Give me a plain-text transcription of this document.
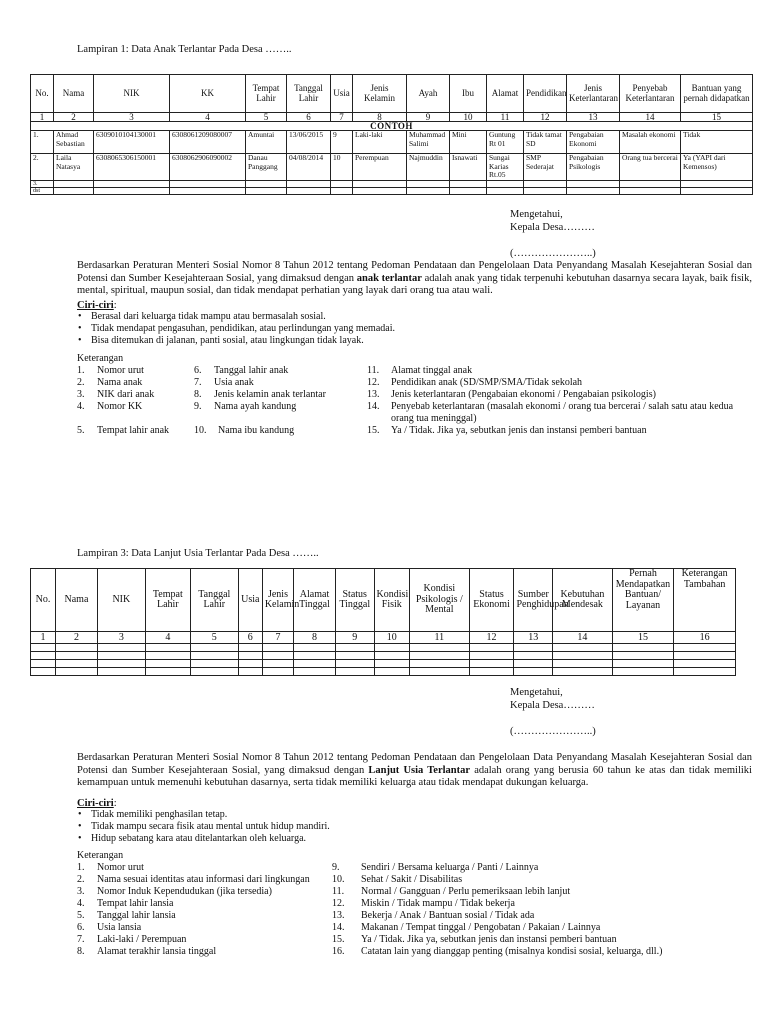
Lampiran 1: Data Anak Terlantar Pada Desa ……..
No.	Nama	NIK	KK	Tempat Lahir	Tanggal Lahir	Usia	Jenis Kelamin	Ayah	Ibu	Alamat	Pendidikan	Jenis Keterlantaran	Penyebab Keterlantaran	Bantuan yang pernah didapatkan
1	2	3	4	5	6	7	8	9	10	11	12	13	14	15
CONTOH														
1.	Ahmad Sebastian	6309010104130001	6308061209080007	Amuntai	13/06/2015	9	Laki-laki	Muhammad Salimi	Mini	Guntung Rt 01	Tidak tamat SD	Pengabaian Ekonomi	Masalah ekonomi	Tidak
2.	Laila Natasya	6308065306150001	6308062906090002	Danau Panggang	04/08/2014	10	Perempuan	Najmuddin	Isnawati	Sungai Karias Rt.05	SMP Sederajat	Pengabaian Psikologis	Orang tua bercerai	Ya (YAPI dari Kemensos)
3.														
dst														
Mengetahui,
Kepala Desa………
(…………………..)
Berdasarkan Peraturan Menteri Sosial Nomor 8 Tahun 2012 tentang Pedoman Pendataan dan Pengelolaan Data Penyandang Masalah Kesejahteran Sosial dan Potensi dan Sumber Kesejahteraan Sosial, yang dimaksud dengan anak terlantar adalah anak yang tidak terpenuhi kebutuhan dasarnya secara layak, baik fisik, mental, spiritual, maupun sosial, dan tidak mendapat perhatian yang layak dari orang tua atau wali.
Ciri-ciri:
• Berasal dari keluarga tidak mampu atau bermasalah sosial.
• Tidak mendapat pengasuhan, pendidikan, atau perlindungan yang memadai.
• Bisa ditemukan di jalanan, panti sosial, atau lingkungan tidak layak.
Keterangan
1.	Nomor urut
2.	Nama anak
3.	NIK dari anak
4.	Nomor KK
5.	Tempat lahir anak
6.	Tanggal lahir anak
7.	Usia anak
8.	Jenis kelamin anak terlantar
9.	Nama ayah kandung
10.	Nama ibu kandung
11.	Alamat tinggal anak
12.	Pendidikan anak (SD/SMP/SMA/Tidak sekolah
13.	Jenis keterlantaran (Pengabaian ekonomi / Pengabaian psikologis)
14.	Penyebab keterlantaran (masalah ekonomi / orang tua bercerai / salah satu atau kedua orang tua meninggal)
15.	Ya / Tidak. Jika ya, sebutkan jenis dan instansi pemberi bantuan
Lampiran 3: Data Lanjut Usia Terlantar Pada Desa ……..
No.	Nama	NIK	Tempat Lahir	Tanggal Lahir	Usia	Jenis Kelamin	Alamat Tinggal	Status Tinggal	Kondisi Fisik	Kondisi Psikologis / Mental	Status Ekonomi	Sumber Penghidupan	Kebutuhan Mendesak	Pernah Mendapatkan Bantuan/ Layanan	Keterangan Tambahan
1	2	3	4	5	6	7	8	9	10	11	12	13	14	15	16

Mengetahui,
Kepala Desa………
(…………………..)
Berdasarkan Peraturan Menteri Sosial Nomor 8 Tahun 2012 tentang Pedoman Pendataan dan Pengelolaan Data Penyandang Masalah Kesejahteran Sosial dan Potensi dan Sumber Kesejahteraan Sosial, yang dimaksud dengan Lanjut Usia Terlantar adalah orang yang berusia 60 tahun ke atas dan tidak memiliki kemampuan untuk memenuhi kebutuhan dasarnya, serta tidak memiliki keluarga atau tidak mendapat dukungan keluarga.
Ciri-ciri:
• Tidak memiliki penghasilan tetap.
• Tidak mampu secara fisik atau mental untuk hidup mandiri.
• Hidup sebatang kara atau ditelantarkan oleh keluarga.
Keterangan
1.	Nomor urut
2.	Nama sesuai identitas atau informasi dari lingkungan
3.	Nomor Induk Kependudukan (jika tersedia)
4.	Tempat lahir lansia
5.	Tanggal lahir lansia
6.	Usia lansia
7.	Laki-laki / Perempuan
8.	Alamat terakhir lansia tinggal
9.	Sendiri / Bersama keluarga / Panti / Lainnya
10.	Sehat / Sakit / Disabilitas
11.	Normal / Gangguan / Perlu pemeriksaan lebih lanjut
12.	Miskin / Tidak mampu / Tidak bekerja
13.	Bekerja / Anak / Bantuan sosial / Tidak ada
14.	Makanan / Tempat tinggal / Pengobatan / Pakaian / Lainnya
15.	Ya / Tidak. Jika ya, sebutkan jenis dan instansi pemberi bantuan
16.	Catatan lain yang dianggap penting (misalnya kondisi sosial, keluarga, dll.)
